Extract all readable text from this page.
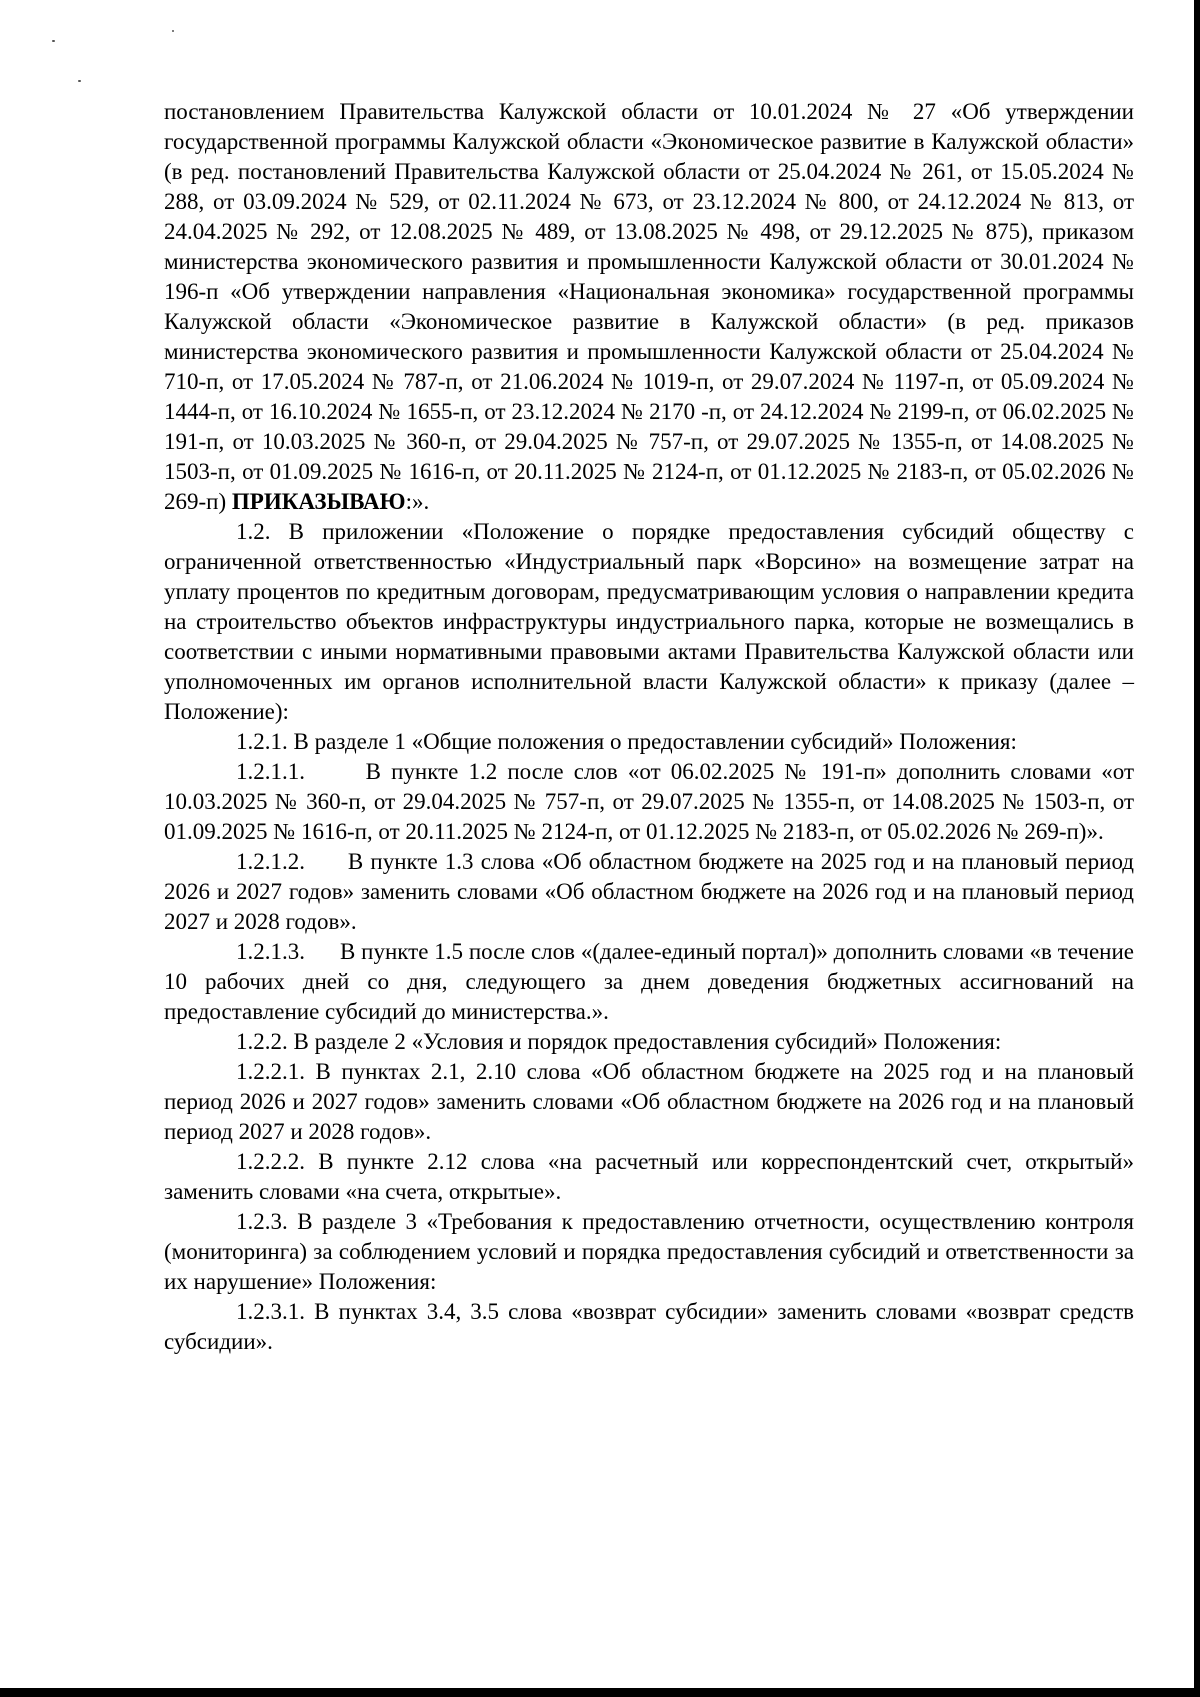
постановлением Правительства Калужской области от 10.01.2024 № 27 «Об утверждении государственной программы Калужской области «Экономическое развитие в Калужской области» (в ред. постановлений Правительства Калужской области от 25.04.2024 № 261, от 15.05.2024 № 288, от 03.09.2024 № 529, от 02.11.2024 № 673, от 23.12.2024 № 800, от 24.12.2024 № 813, от 24.04.2025 № 292, от 12.08.2025 № 489, от 13.08.2025 № 498, от 29.12.2025 № 875), приказом министерства экономического развития и промышленности Калужской области от 30.01.2024 № 196-п «Об утверждении направления «Национальная экономика» государственной программы Калужской области «Экономическое развитие в Калужской области» (в ред. приказов министерства экономического развития и промышленности Калужской области от 25.04.2024 № 710-п, от 17.05.2024 № 787-п, от 21.06.2024 № 1019-п, от 29.07.2024 № 1197-п, от 05.09.2024 № 1444-п, от 16.10.2024 № 1655-п, от 23.12.2024 № 2170 -п, от 24.12.2024 № 2199-п, от 06.02.2025 № 191-п, от 10.03.2025 № 360-п, от 29.04.2025 № 757-п, от 29.07.2025 № 1355-п, от 14.08.2025 № 1503-п, от 01.09.2025 № 1616-п, от 20.11.2025 № 2124-п, от 01.12.2025 № 2183-п, от 05.02.2026 № 269-п) ПРИКАЗЫВАЮ:».

1.2. В приложении «Положение о порядке предоставления субсидий обществу с ограниченной ответственностью «Индустриальный парк «Ворсино» на возмещение затрат на уплату процентов по кредитным договорам, предусматривающим условия о направлении кредита на строительство объектов инфраструктуры индустриального парка, которые не возмещались в соответствии с иными нормативными правовыми актами Правительства Калужской области или уполномоченных им органов исполнительной власти Калужской области» к приказу (далее – Положение):

1.2.1. В разделе 1 «Общие положения о предоставлении субсидий» Положения:

1.2.1.1.      В пункте 1.2 после слов «от 06.02.2025 № 191-п» дополнить словами «от 10.03.2025 № 360-п, от 29.04.2025 № 757-п, от 29.07.2025 № 1355-п, от 14.08.2025 № 1503-п, от 01.09.2025 № 1616-п, от 20.11.2025 № 2124-п, от 01.12.2025 № 2183-п, от 05.02.2026 № 269-п)».

1.2.1.2.      В пункте 1.3 слова «Об областном бюджете на 2025 год и на плановый период 2026 и 2027 годов» заменить словами «Об областном бюджете на 2026 год и на плановый период 2027 и 2028 годов».

1.2.1.3.      В пункте 1.5 после слов «(далее-единый портал)» дополнить словами «в течение 10 рабочих дней со дня, следующего за днем доведения бюджетных ассигнований на предоставление субсидий до министерства.».

1.2.2. В разделе 2 «Условия и порядок предоставления субсидий» Положения:

1.2.2.1. В пунктах 2.1, 2.10 слова «Об областном бюджете на 2025 год и на плановый период 2026 и 2027 годов» заменить словами «Об областном бюджете на 2026 год и на плановый период 2027 и 2028 годов».

1.2.2.2. В пункте 2.12 слова «на расчетный или корреспондентский счет, открытый» заменить словами «на счета, открытые».

1.2.3. В разделе 3 «Требования к предоставлению отчетности, осуществлению контроля (мониторинга) за соблюдением условий и порядка предоставления субсидий и ответственности за их нарушение» Положения:

1.2.3.1. В пунктах 3.4, 3.5 слова «возврат субсидии» заменить словами «возврат средств субсидии».
